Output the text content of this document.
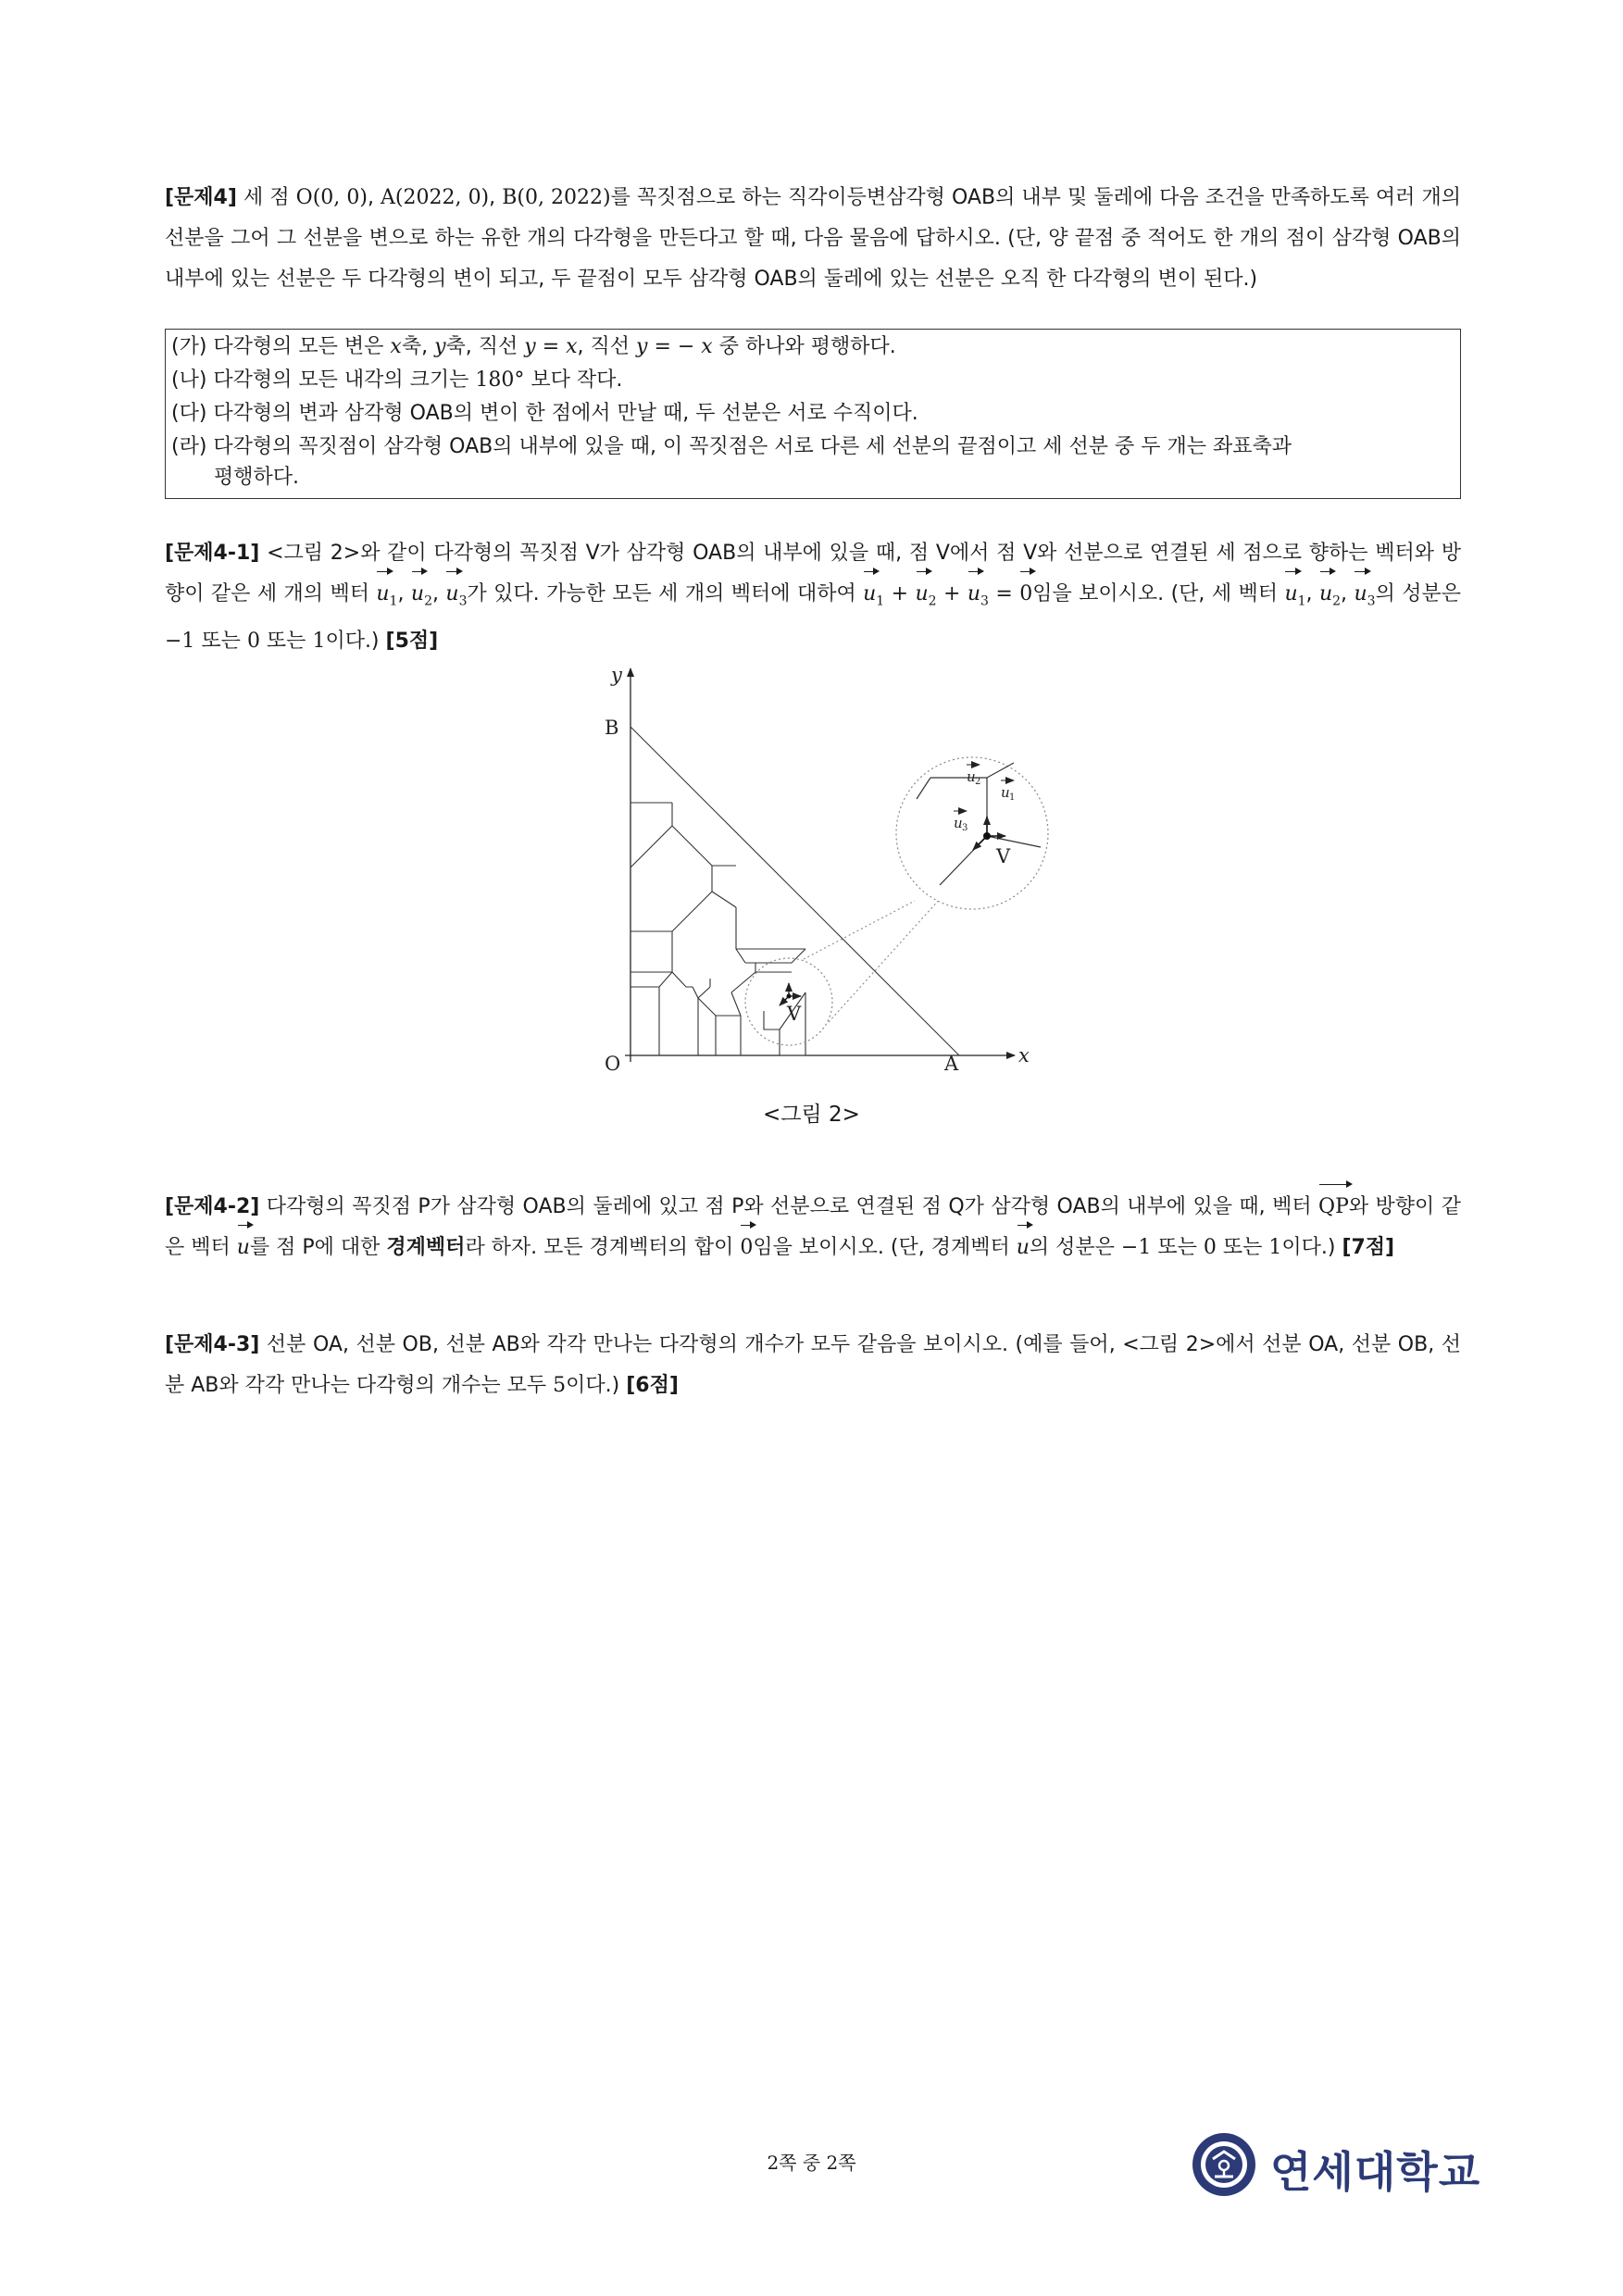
[문제4] 세 점 O(0, 0), A(2022, 0), B(0, 2022)를 꼭짓점으로 하는 직각이등변삼각형 OAB의 내부 및 둘레에 다음 조건을 만족하도록 여러 개의 선분을 그어 그 선분을 변으로 하는 유한 개의 다각형을 만든다고 할 때, 다음 물음에 답하시오. (단, 양 끝점 중 적어도 한 개의 점이 삼각형 OAB의 내부에 있는 선분은 두 다각형의 변이 되고, 두 끝점이 모두 삼각형 OAB의 둘레에 있는 선분은 오직 한 다각형의 변이 된다.)
(가) 다각형의 모든 변은 x축, y축, 직선 y = x, 직선 y = − x 중 하나와 평행하다.
(나) 다각형의 모든 내각의 크기는 180° 보다 작다.
(다) 다각형의 변과 삼각형 OAB의 변이 한 점에서 만날 때, 두 선분은 서로 수직이다.
(라) 다각형의 꼭짓점이 삼각형 OAB의 내부에 있을 때, 이 꼭짓점은 서로 다른 세 선분의 끝점이고 세 선분 중 두 개는 좌표축과
평행하다.
[문제4-1] <그림 2>와 같이 다각형의 꼭짓점 V가 삼각형 OAB의 내부에 있을 때, 점 V에서 점 V와 선분으로 연결된 세 점으로 향하는 벡터와 방향이 같은 세 개의 벡터 $u_1$, $u_2$, $u_3$가 있다. 가능한 모든 세 개의 벡터에 대하여 $u_1 + u_2 + u_3 = 0$임을 보이시오. (단, 세 벡터 $u_1$, $u_2$, $u_3$의 성분은 −1 또는 0 또는 1이다.) [5점]
y
x
B
O	A
V
V
u 1
u 2
u 3
<그림 2>
[문제4-2] 다각형의 꼭짓점 P가 삼각형 OAB의 둘레에 있고 점 P와 선분으로 연결된 점 Q가 삼각형 OAB의 내부에 있을 때, 벡터 QP와 방향이 같은 벡터 u를 점 P에 대한 경계벡터라 하자. 모든 경계벡터의 합이 0임을 보이시오. (단, 경계벡터 u의 성분은 −1 또는 0 또는 1이다.) [7점]
[문제4-3] 선분 OA, 선분 OB, 선분 AB와 각각 만나는 다각형의 개수가 모두 같음을 보이시오. (예를 들어, <그림 2>에서 선분 OA, 선분 OB, 선분 AB와 각각 만나는 다각형의 개수는 모두 5이다.) [6점]
2쪽 중 2쪽	연세대학교
